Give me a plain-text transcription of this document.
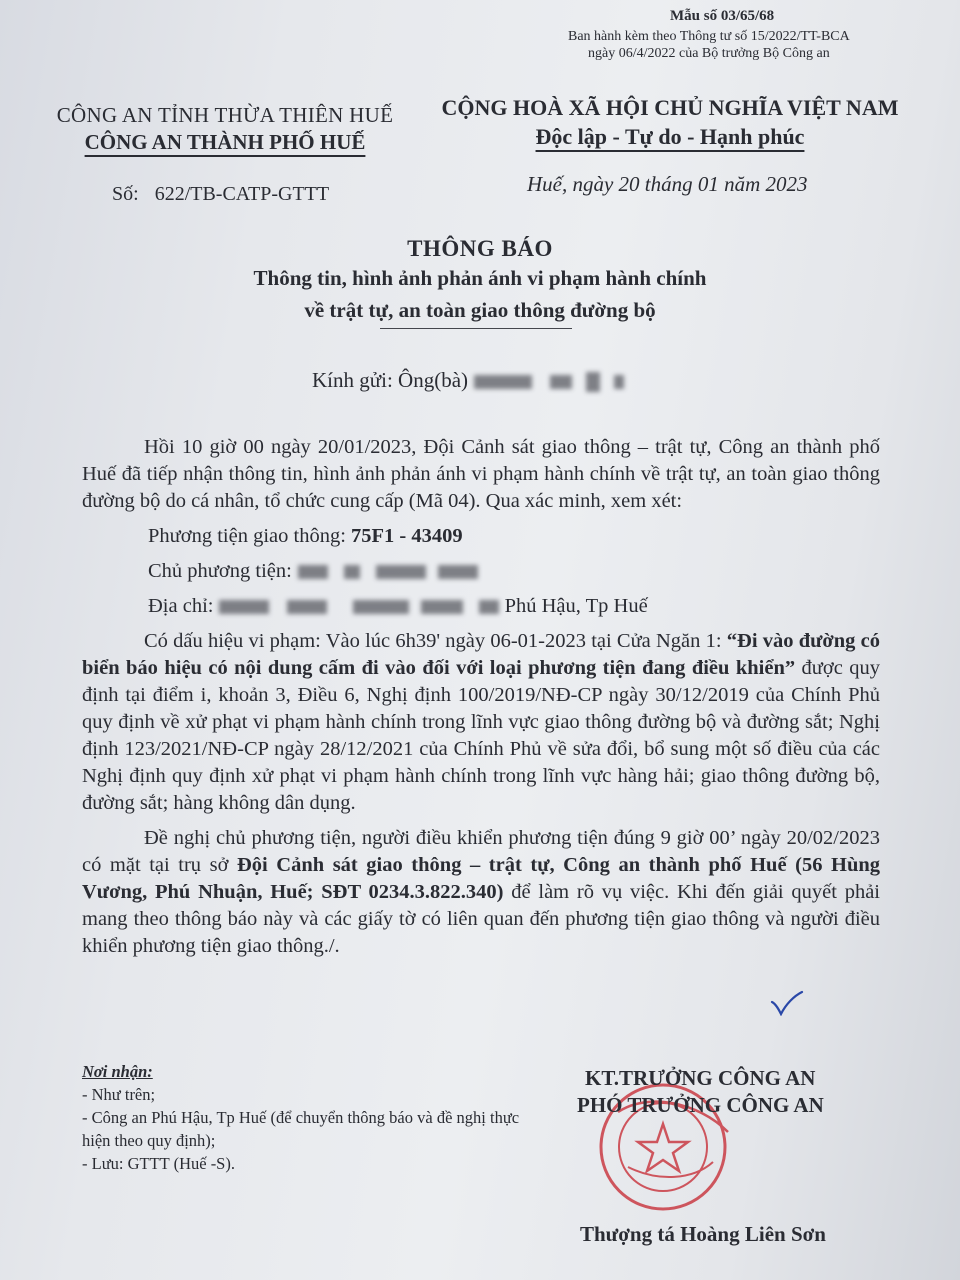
Mẫu số 03/65/68
Ban hành kèm theo Thông tư số 15/2022/TT-BCA
ngày 06/4/2022 của Bộ trưởng Bộ Công an
CÔNG AN TỈNH THỪA THIÊN HUẾ
CÔNG AN THÀNH PHỐ HUẾ
CỘNG HOÀ XÃ HỘI CHỦ NGHĨA VIỆT NAM
Độc lập - Tự do - Hạnh phúc
Số: 622/TB-CATP-GTTT	Huế, ngày 20 tháng 01 năm 2023
THÔNG BÁO
Thông tin, hình ảnh phản ánh vi phạm hành chính
về trật tự, an toàn giao thông đường bộ
Kính gửi: Ông(bà)

Hồi 10 giờ 00 ngày 20/01/2023, Đội Cảnh sát giao thông – trật tự, Công an thành phố Huế đã tiếp nhận thông tin, hình ảnh phản ánh vi phạm hành chính về trật tự, an toàn giao thông đường bộ do cá nhân, tổ chức cung cấp (Mã 04). Qua xác minh, xem xét:

Phương tiện giao thông: 75F1 - 43409

Chủ phương tiện:

Địa chỉ:	Phú Hậu, Tp Huế

Có dấu hiệu vi phạm: Vào lúc 6h39' ngày 06-01-2023 tại Cửa Ngăn 1: “Đi vào đường có biển báo hiệu có nội dung cấm đi vào đối với loại phương tiện đang điều khiển” được quy định tại điểm i, khoản 3, Điều 6, Nghị định 100/2019/NĐ-CP ngày 30/12/2019 của Chính Phủ quy định về xử phạt vi phạm hành chính trong lĩnh vực giao thông đường bộ và đường sắt; Nghị định 123/2021/NĐ-CP ngày 28/12/2021 của Chính Phủ về sửa đổi, bổ sung một số điều của các Nghị định quy định xử phạt vi phạm hành chính trong lĩnh vực hàng hải; giao thông đường bộ, đường sắt; hàng không dân dụng.

Đề nghị chủ phương tiện, người điều khiển phương tiện đúng 9 giờ 00’ ngày 20/02/2023 có mặt tại trụ sở Đội Cảnh sát giao thông – trật tự, Công an thành phố Huế (56 Hùng Vương, Phú Nhuận, Huế; SĐT 0234.3.822.340) để làm rõ vụ việc. Khi đến giải quyết phải mang theo thông báo này và các giấy tờ có liên quan đến phương tiện giao thông và người điều khiển phương tiện giao thông./.

Nơi nhận:
- Như trên;
- Công an Phú Hậu, Tp Huế (để chuyển thông báo và đề nghị thực hiện theo quy định);
- Lưu: GTTT (Huế -S).
KT.TRƯỞNG CÔNG AN
PHÓ TRƯỞNG CÔNG AN
Thượng tá Hoàng Liên Sơn
